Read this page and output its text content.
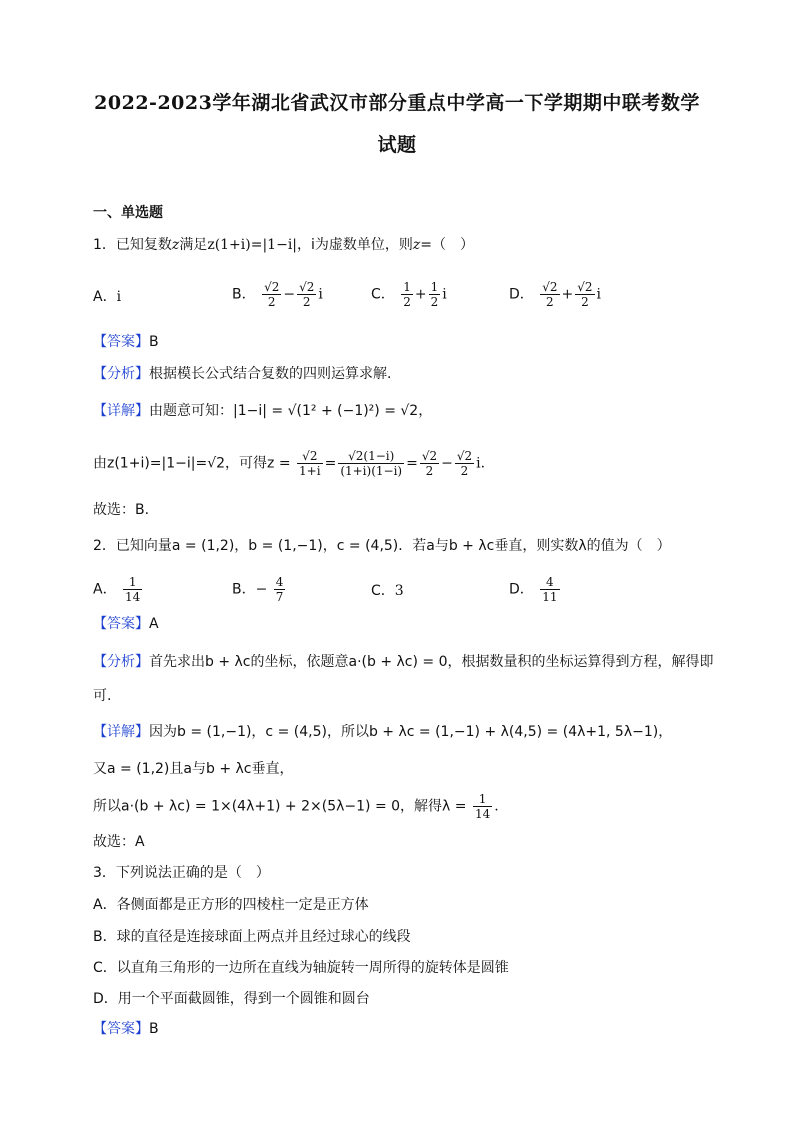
2022-2023学年湖北省武汉市部分重点中学高一下学期期中联考数学
试题
一、单选题
1．已知复数z满足z(1+i)=|1−i|，i为虚数单位，则z=（　）
A．i	B． $\frac{√2}{2} - \frac{√2}{2}$ i	C． $\frac{1}{2} + \frac{1}{2}$ i	D． $\frac{√2}{2} + \frac{√2}{2}$ i
【答案】B
【分析】根据模长公式结合复数的四则运算求解.
【详解】由题意可知：|1−i| = √(1² + (−1)²) = √2，
由z(1+i)=|1−i|=√2，可得$z = \frac{√2}{1+i} = \frac{√2(1-i)}{(1+i)(1-i)} = \frac{√2}{2} - \frac{√2}{2} i$.
故选：B.
2．已知向量a = (1,2)，b = (1,−1)，c = (4,5)．若a与b + λc垂直，则实数λ的值为（　）
A． $\frac{1}{14}$	B．− $\frac{4}{7}$	C．3	D． $\frac{4}{11}$
【答案】A
【分析】首先求出b + λc的坐标，依题意a·(b + λc) = 0，根据数量积的坐标运算得到方程，解得即
可.
【详解】因为b = (1,−1)，c = (4,5)，所以b + λc = (1,−1) + λ(4,5) = (4λ+1, 5λ−1)，
又a = (1,2)且a与b + λc垂直，
所以a·(b + λc) = 1×(4λ+1) + 2×(5λ−1) = 0，解得$\lambda = \frac{1}{14}$ .
故选：A
3．下列说法正确的是（　）
A．各侧面都是正方形的四棱柱一定是正方体
B．球的直径是连接球面上两点并且经过球心的线段
C．以直角三角形的一边所在直线为轴旋转一周所得的旋转体是圆锥
D．用一个平面截圆锥，得到一个圆锥和圆台
【答案】B
